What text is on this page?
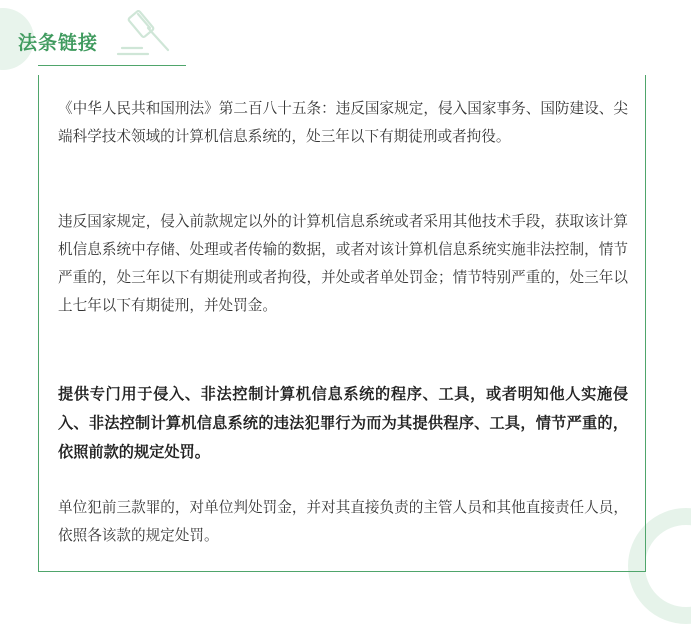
法条链接

《中华人民共和国刑法》第二百八十五条：违反国家规定，侵入国家事务、国防建设、尖端科学技术领域的计算机信息系统的，处三年以下有期徒刑或者拘役。

违反国家规定，侵入前款规定以外的计算机信息系统或者采用其他技术手段，获取该计算机信息系统中存储、处理或者传输的数据，或者对该计算机信息系统实施非法控制，情节严重的，处三年以下有期徒刑或者拘役，并处或者单处罚金；情节特别严重的，处三年以上七年以下有期徒刑，并处罚金。

提供专门用于侵入、非法控制计算机信息系统的程序、工具，或者明知他人实施侵入、非法控制计算机信息系统的违法犯罪行为而为其提供程序、工具，情节严重的，依照前款的规定处罚。

单位犯前三款罪的，对单位判处罚金，并对其直接负责的主管人员和其他直接责任人员，依照各该款的规定处罚。
